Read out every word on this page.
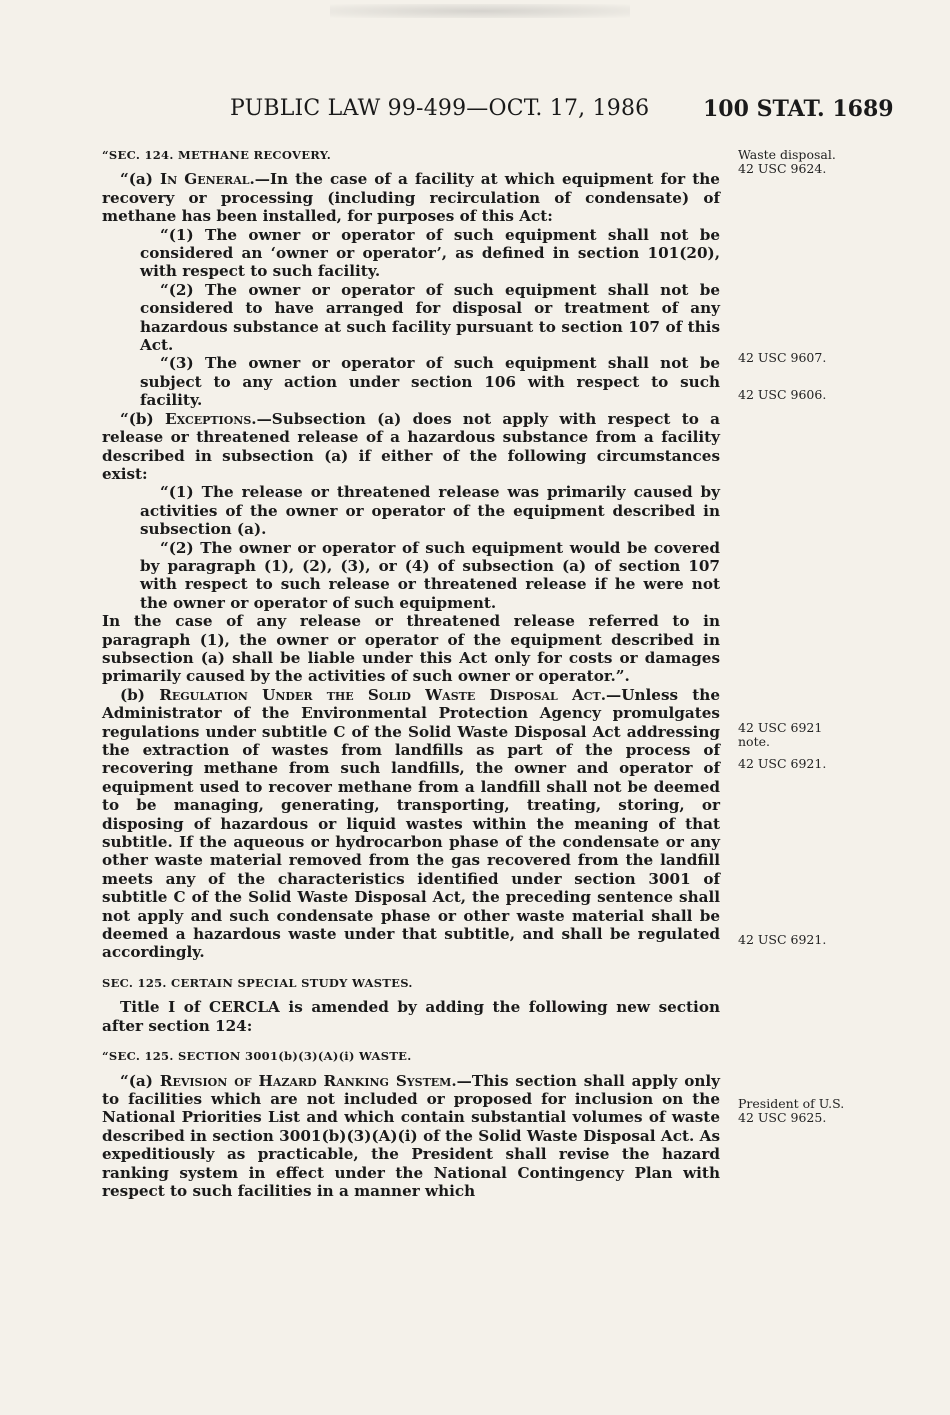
PUBLIC LAW 99-499—OCT. 17, 1986 100 STAT. 1689

“SEC. 124. METHANE RECOVERY.

“(a) In General.—In the case of a facility at which equipment for the recovery or processing (including recirculation of condensate) of methane has been installed, for purposes of this Act:

“(1) The owner or operator of such equipment shall not be considered an ‘owner or operator’, as defined in section 101(20), with respect to such facility.

“(2) The owner or operator of such equipment shall not be considered to have arranged for disposal or treatment of any hazardous substance at such facility pursuant to section 107 of this Act.

“(3) The owner or operator of such equipment shall not be subject to any action under section 106 with respect to such facility.

“(b) Exceptions.—Subsection (a) does not apply with respect to a release or threatened release of a hazardous substance from a facility described in subsection (a) if either of the following circumstances exist:

“(1) The release or threatened release was primarily caused by activities of the owner or operator of the equipment described in subsection (a).

“(2) The owner or operator of such equipment would be covered by paragraph (1), (2), (3), or (4) of subsection (a) of section 107 with respect to such release or threatened release if he were not the owner or operator of such equipment.

In the case of any release or threatened release referred to in paragraph (1), the owner or operator of the equipment described in subsection (a) shall be liable under this Act only for costs or damages primarily caused by the activities of such owner or operator.”.

(b) Regulation Under the Solid Waste Disposal Act.—Unless the Administrator of the Environmental Protection Agency promulgates regulations under subtitle C of the Solid Waste Disposal Act addressing the extraction of wastes from landfills as part of the process of recovering methane from such landfills, the owner and operator of equipment used to recover methane from a landfill shall not be deemed to be managing, generating, transporting, treating, storing, or disposing of hazardous or liquid wastes within the meaning of that subtitle. If the aqueous or hydrocarbon phase of the condensate or any other waste material removed from the gas recovered from the landfill meets any of the characteristics identified under section 3001 of subtitle C of the Solid Waste Disposal Act, the preceding sentence shall not apply and such condensate phase or other waste material shall be deemed a hazardous waste under that subtitle, and shall be regulated accordingly.

SEC. 125. CERTAIN SPECIAL STUDY WASTES.

Title I of CERCLA is amended by adding the following new section after section 124:

“SEC. 125. SECTION 3001(b)(3)(A)(i) WASTE.

“(a) Revision of Hazard Ranking System.—This section shall apply only to facilities which are not included or proposed for inclusion on the National Priorities List and which contain substantial volumes of waste described in section 3001(b)(3)(A)(i) of the Solid Waste Disposal Act. As expeditiously as practicable, the President shall revise the hazard ranking system in effect under the National Contingency Plan with respect to such facilities in a manner which

Waste disposal.
42 USC 9624.
42 USC 9607.
42 USC 9606.
42 USC 6921
note.
42 USC 6921.
42 USC 6921.
President of U.S.
42 USC 9625.
